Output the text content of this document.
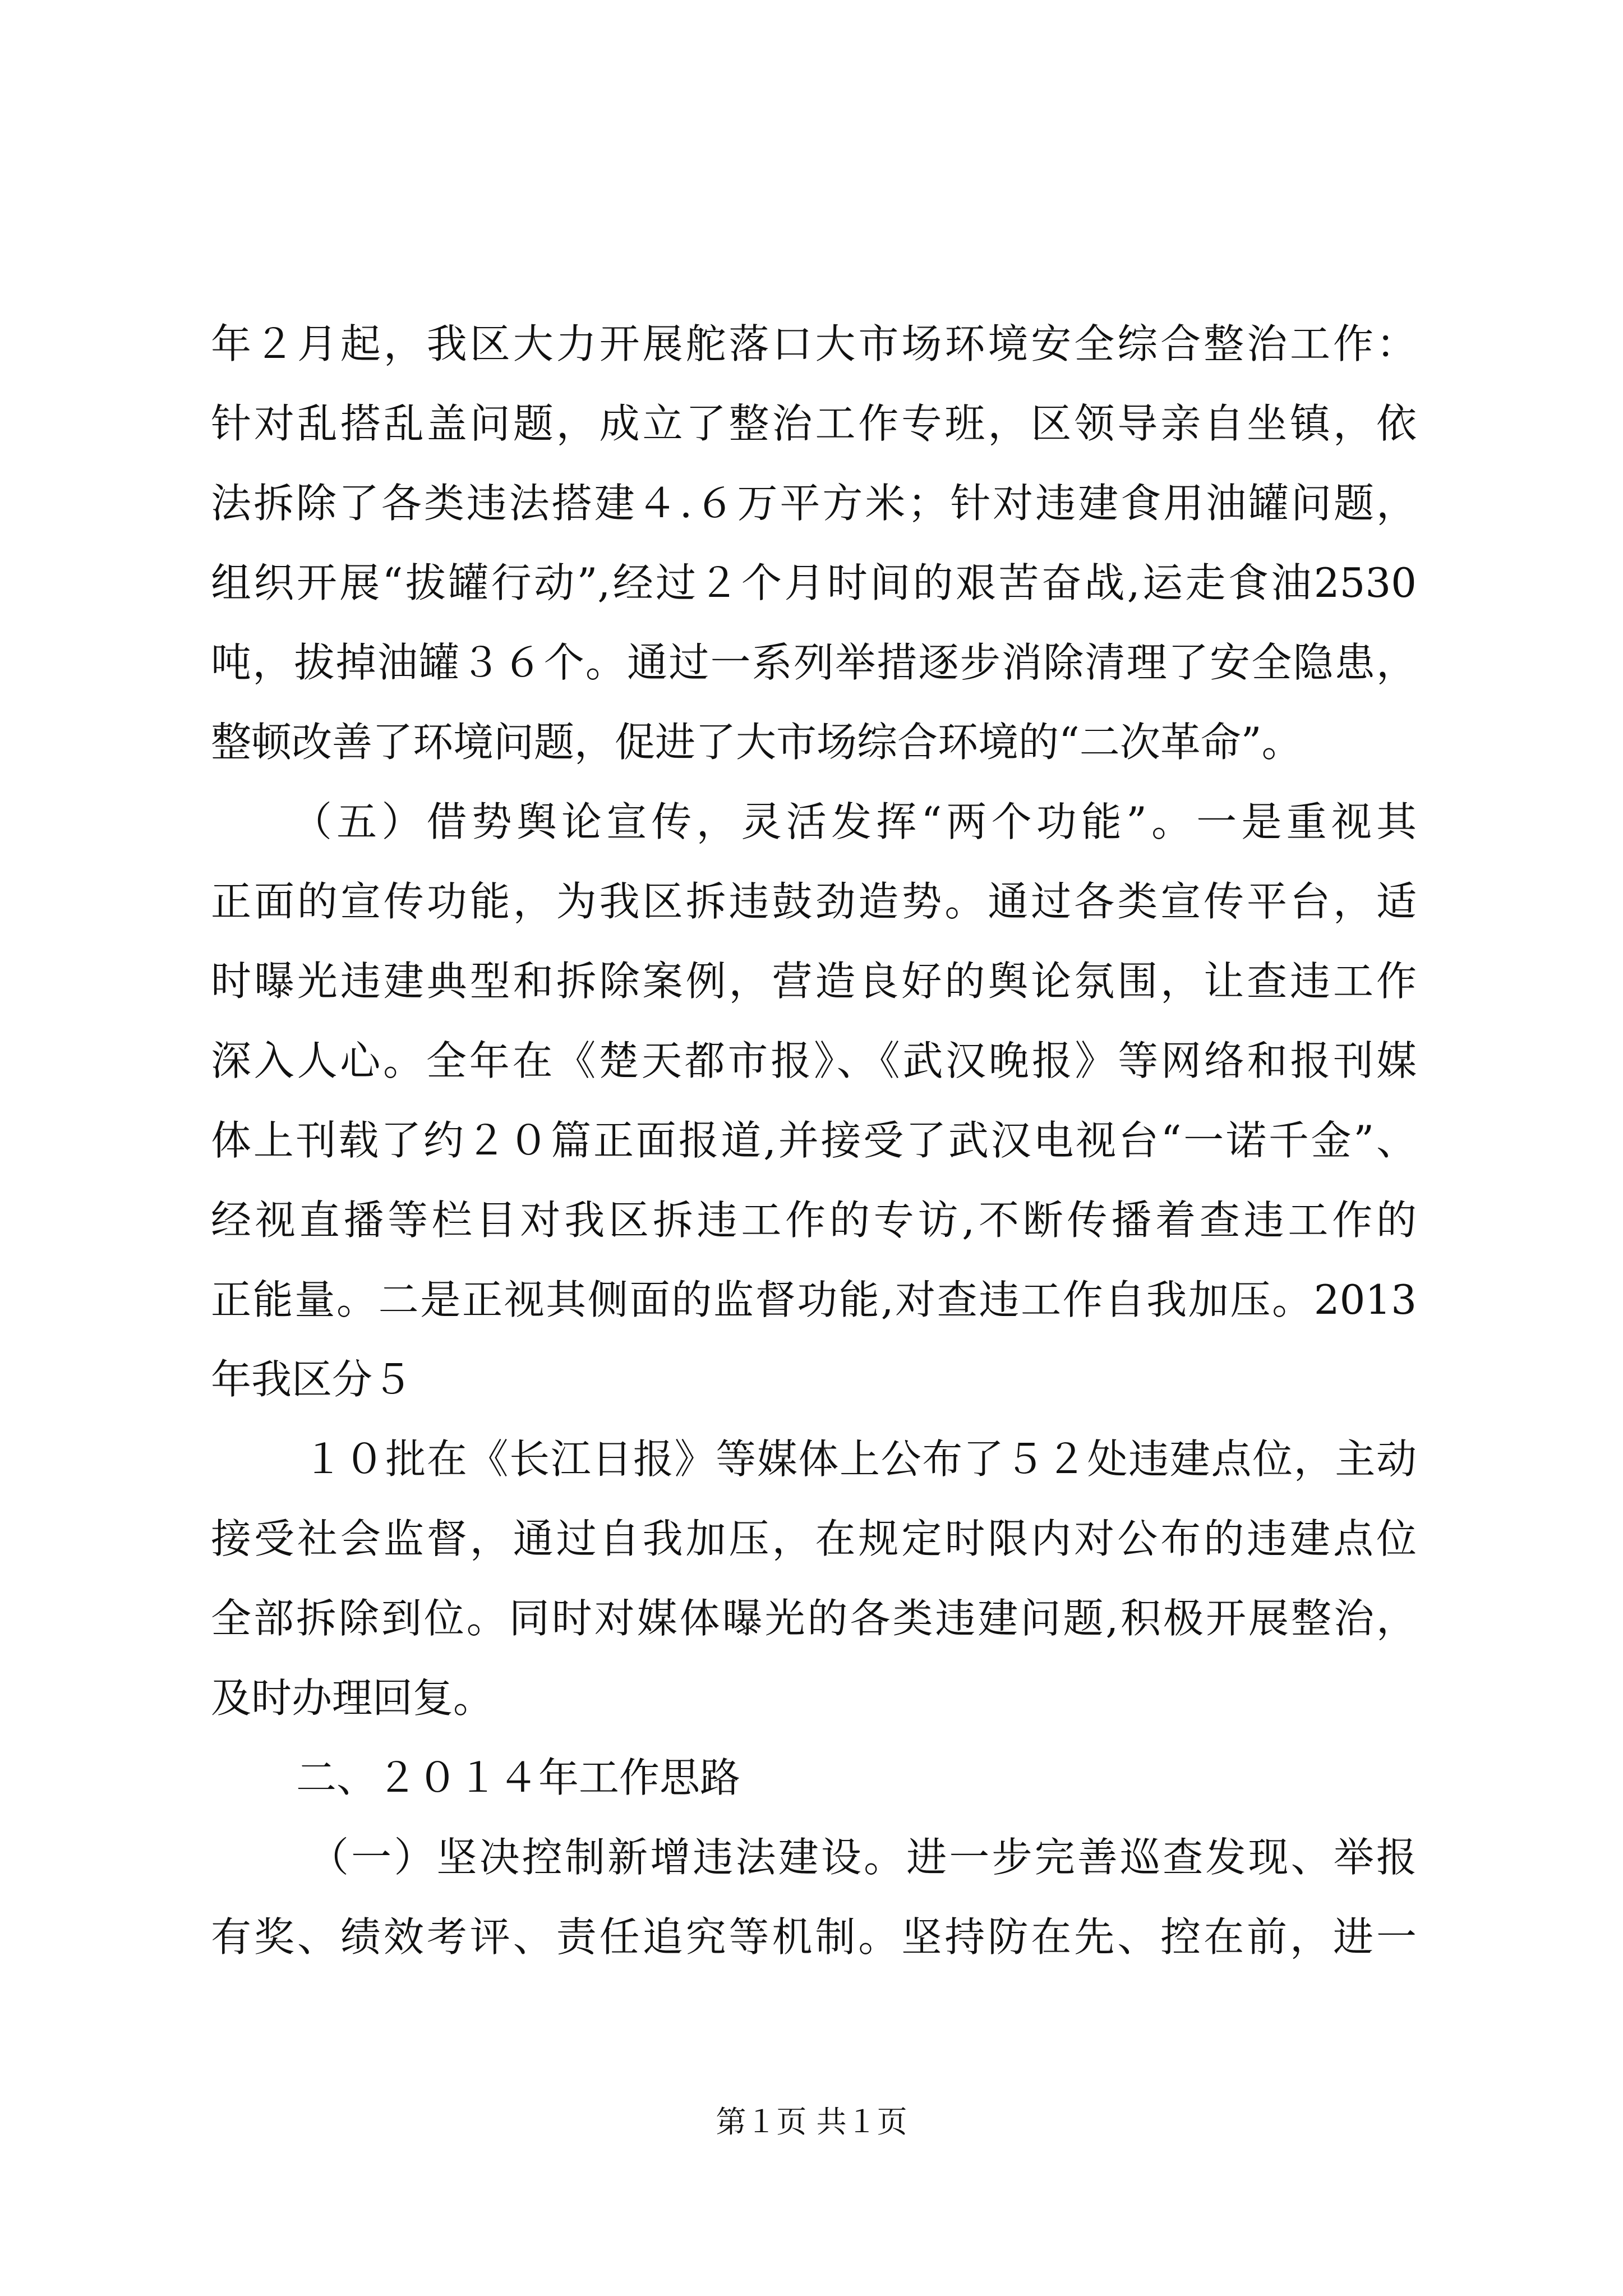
年２月起，我区大力开展舵落口大市场环境安全综合整治工作：
针对乱搭乱盖问题，成立了整治工作专班，区领导亲自坐镇，依
法拆除了各类违法搭建４.６万平方米；针对违建食用油罐问题，
组织开展“拔罐行动”,经过２个月时间的艰苦奋战,运走食油2530
吨，拔掉油罐３６个。通过一系列举措逐步消除清理了安全隐患，
整顿改善了环境问题，促进了大市场综合环境的“二次革命”。
（五）借势舆论宣传，灵活发挥“两个功能”。一是重视其
正面的宣传功能，为我区拆违鼓劲造势。通过各类宣传平台，适
时曝光违建典型和拆除案例，营造良好的舆论氛围，让查违工作
深入人心。全年在《楚天都市报》、《武汉晚报》等网络和报刊媒
体上刊载了约２０篇正面报道,并接受了武汉电视台“一诺千金”、
经视直播等栏目对我区拆违工作的专访,不断传播着查违工作的
正能量。二是正视其侧面的监督功能,对查违工作自我加压。2013
年我区分５
１０批在《长江日报》等媒体上公布了５２处违建点位，主动
接受社会监督，通过自我加压，在规定时限内对公布的违建点位
全部拆除到位。同时对媒体曝光的各类违建问题,积极开展整治，
及时办理回复。
二、２０１４年工作思路
（一）坚决控制新增违法建设。进一步完善巡查发现、举报
有奖、绩效考评、责任追究等机制。坚持防在先、控在前，进一
第１页 共１页
